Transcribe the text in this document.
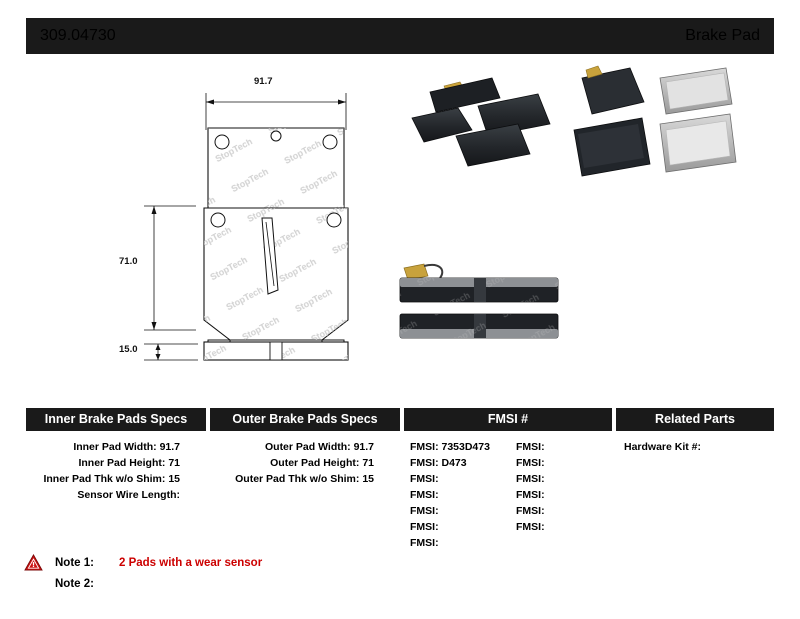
309.04730	Brake Pad
91.7
71.0
15.0
Inner Brake Pads Specs
Inner Pad Width: 91.7
Inner Pad Height: 71
Inner Pad Thk w/o Shim: 15
Sensor Wire Length:
Outer Brake Pads Specs
Outer Pad Width: 91.7
Outer Pad Height: 71
Outer Pad Thk w/o Shim: 15
FMSI #
FMSI: 7353D473
FMSI: D473
FMSI:
FMSI:
FMSI:
FMSI:
FMSI:
FMSI:
FMSI:
FMSI:
FMSI:
FMSI:
FMSI:
Related Parts
Hardware Kit #:
Note 1:	2 Pads with a wear sensor
Note 2:
